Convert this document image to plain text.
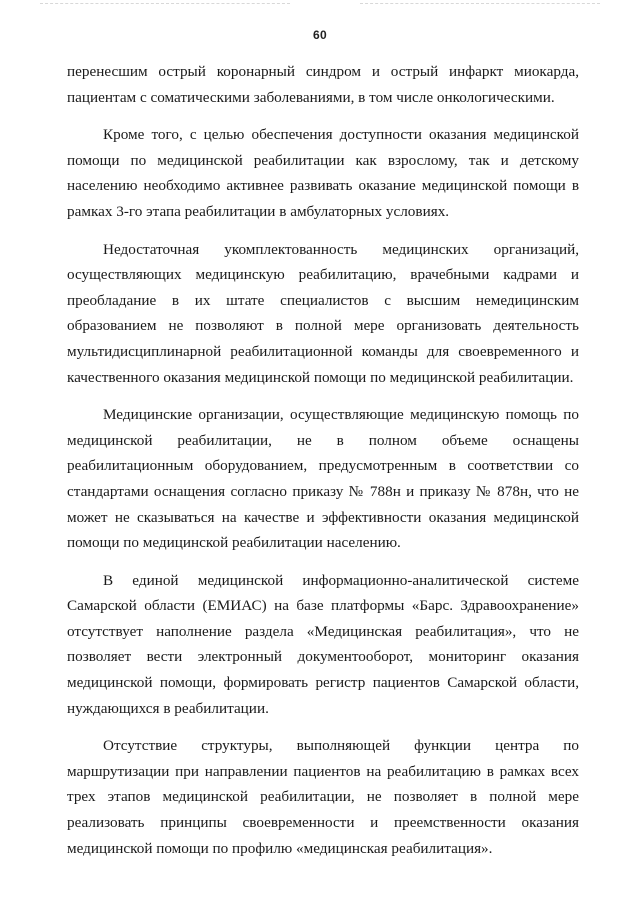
60

перенесшим острый коронарный синдром и острый инфаркт миокарда, пациентам с соматическими заболеваниями, в том числе онкологическими.

Кроме того, с целью обеспечения доступности оказания медицинской помощи по медицинской реабилитации как взрослому, так и детскому населению необходимо активнее развивать оказание медицинской помощи в рамках 3-го этапа реабилитации в амбулаторных условиях.

Недостаточная укомплектованность медицинских организаций, осуществляющих медицинскую реабилитацию, врачебными кадрами и преобладание в их штате специалистов с высшим немедицинским образованием не позволяют в полной мере организовать деятельность мультидисциплинарной реабилитационной команды для своевременного и качественного оказания медицинской помощи по медицинской реабилитации.

Медицинские организации, осуществляющие медицинскую помощь по медицинской реабилитации, не в полном объеме оснащены реабилитационным оборудованием, предусмотренным в соответствии со стандартами оснащения согласно приказу № 788н и приказу № 878н, что не может не сказываться на качестве и эффективности оказания медицинской помощи по медицинской реабилитации населению.

В единой медицинской информационно-аналитической системе Самарской области (ЕМИАС) на базе платформы «Барс. Здравоохранение» отсутствует наполнение раздела «Медицинская реабилитация», что не позволяет вести электронный документооборот, мониторинг оказания медицинской помощи, формировать регистр пациентов Самарской области, нуждающихся в реабилитации.

Отсутствие структуры, выполняющей функции центра по маршрутизации при направлении пациентов на реабилитацию в рамках всех трех этапов медицинской реабилитации, не позволяет в полной мере реализовать принципы своевременности и преемственности оказания медицинской помощи по профилю «медицинская реабилитация».
